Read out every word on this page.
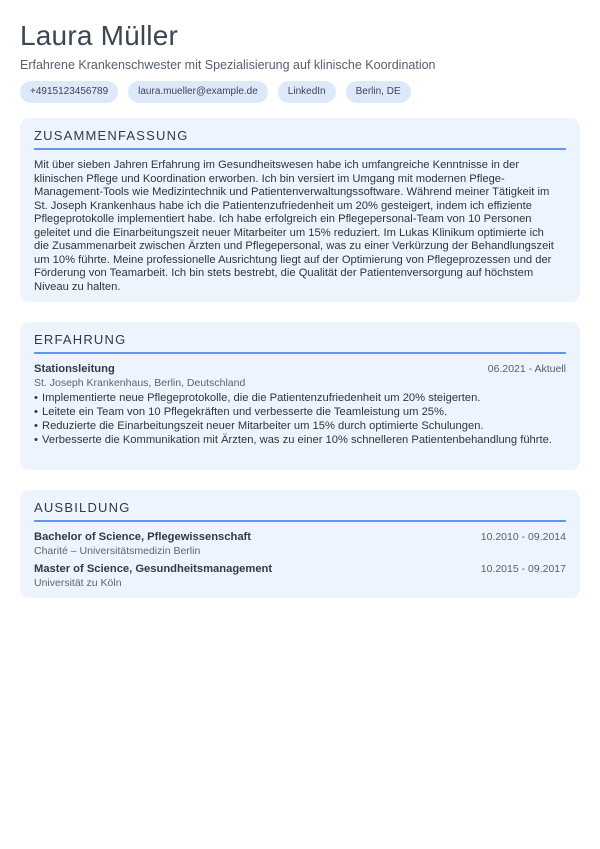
Laura Müller
Erfahrene Krankenschwester mit Spezialisierung auf klinische Koordination
+4915123456789	laura.mueller@example.de	LinkedIn	Berlin, DE
ZUSAMMENFASSUNG

Mit über sieben Jahren Erfahrung im Gesundheitswesen habe ich umfangreiche Kenntnisse in der klinischen Pflege und Koordination erworben. Ich bin versiert im Umgang mit modernen Pflege-Management-Tools wie Medizintechnik und Patientenverwaltungssoftware. Während meiner Tätigkeit im St. Joseph Krankenhaus habe ich die Patientenzufriedenheit um 20% gesteigert, indem ich effiziente Pflegeprotokolle implementiert habe. Ich habe erfolgreich ein Pflegepersonal-Team von 10 Personen geleitet und die Einarbeitungszeit neuer Mitarbeiter um 15% reduziert. Im Lukas Klinikum optimierte ich die Zusammenarbeit zwischen Ärzten und Pflegepersonal, was zu einer Verkürzung der Behandlungszeit um 10% führte. Meine professionelle Ausrichtung liegt auf der Optimierung von Pflegeprozessen und der Förderung von Teamarbeit. Ich bin stets bestrebt, die Qualität der Patientenversorgung auf höchstem Niveau zu halten.

ERFAHRUNG
Stationsleitung	06.2021 - Aktuell
St. Joseph Krankenhaus, Berlin, Deutschland
• Implementierte neue Pflegeprotokolle, die die Patientenzufriedenheit um 20% steigerten.
• Leitete ein Team von 10 Pflegekräften und verbesserte die Teamleistung um 25%.
• Reduzierte die Einarbeitungszeit neuer Mitarbeiter um 15% durch optimierte Schulungen.
• Verbesserte die Kommunikation mit Ärzten, was zu einer 10% schnelleren Patientenbehandlung führte.
AUSBILDUNG
Bachelor of Science, Pflegewissenschaft	10.2010 - 09.2014
Charité – Universitätsmedizin Berlin
Master of Science, Gesundheitsmanagement	10.2015 - 09.2017
Universität zu Köln
